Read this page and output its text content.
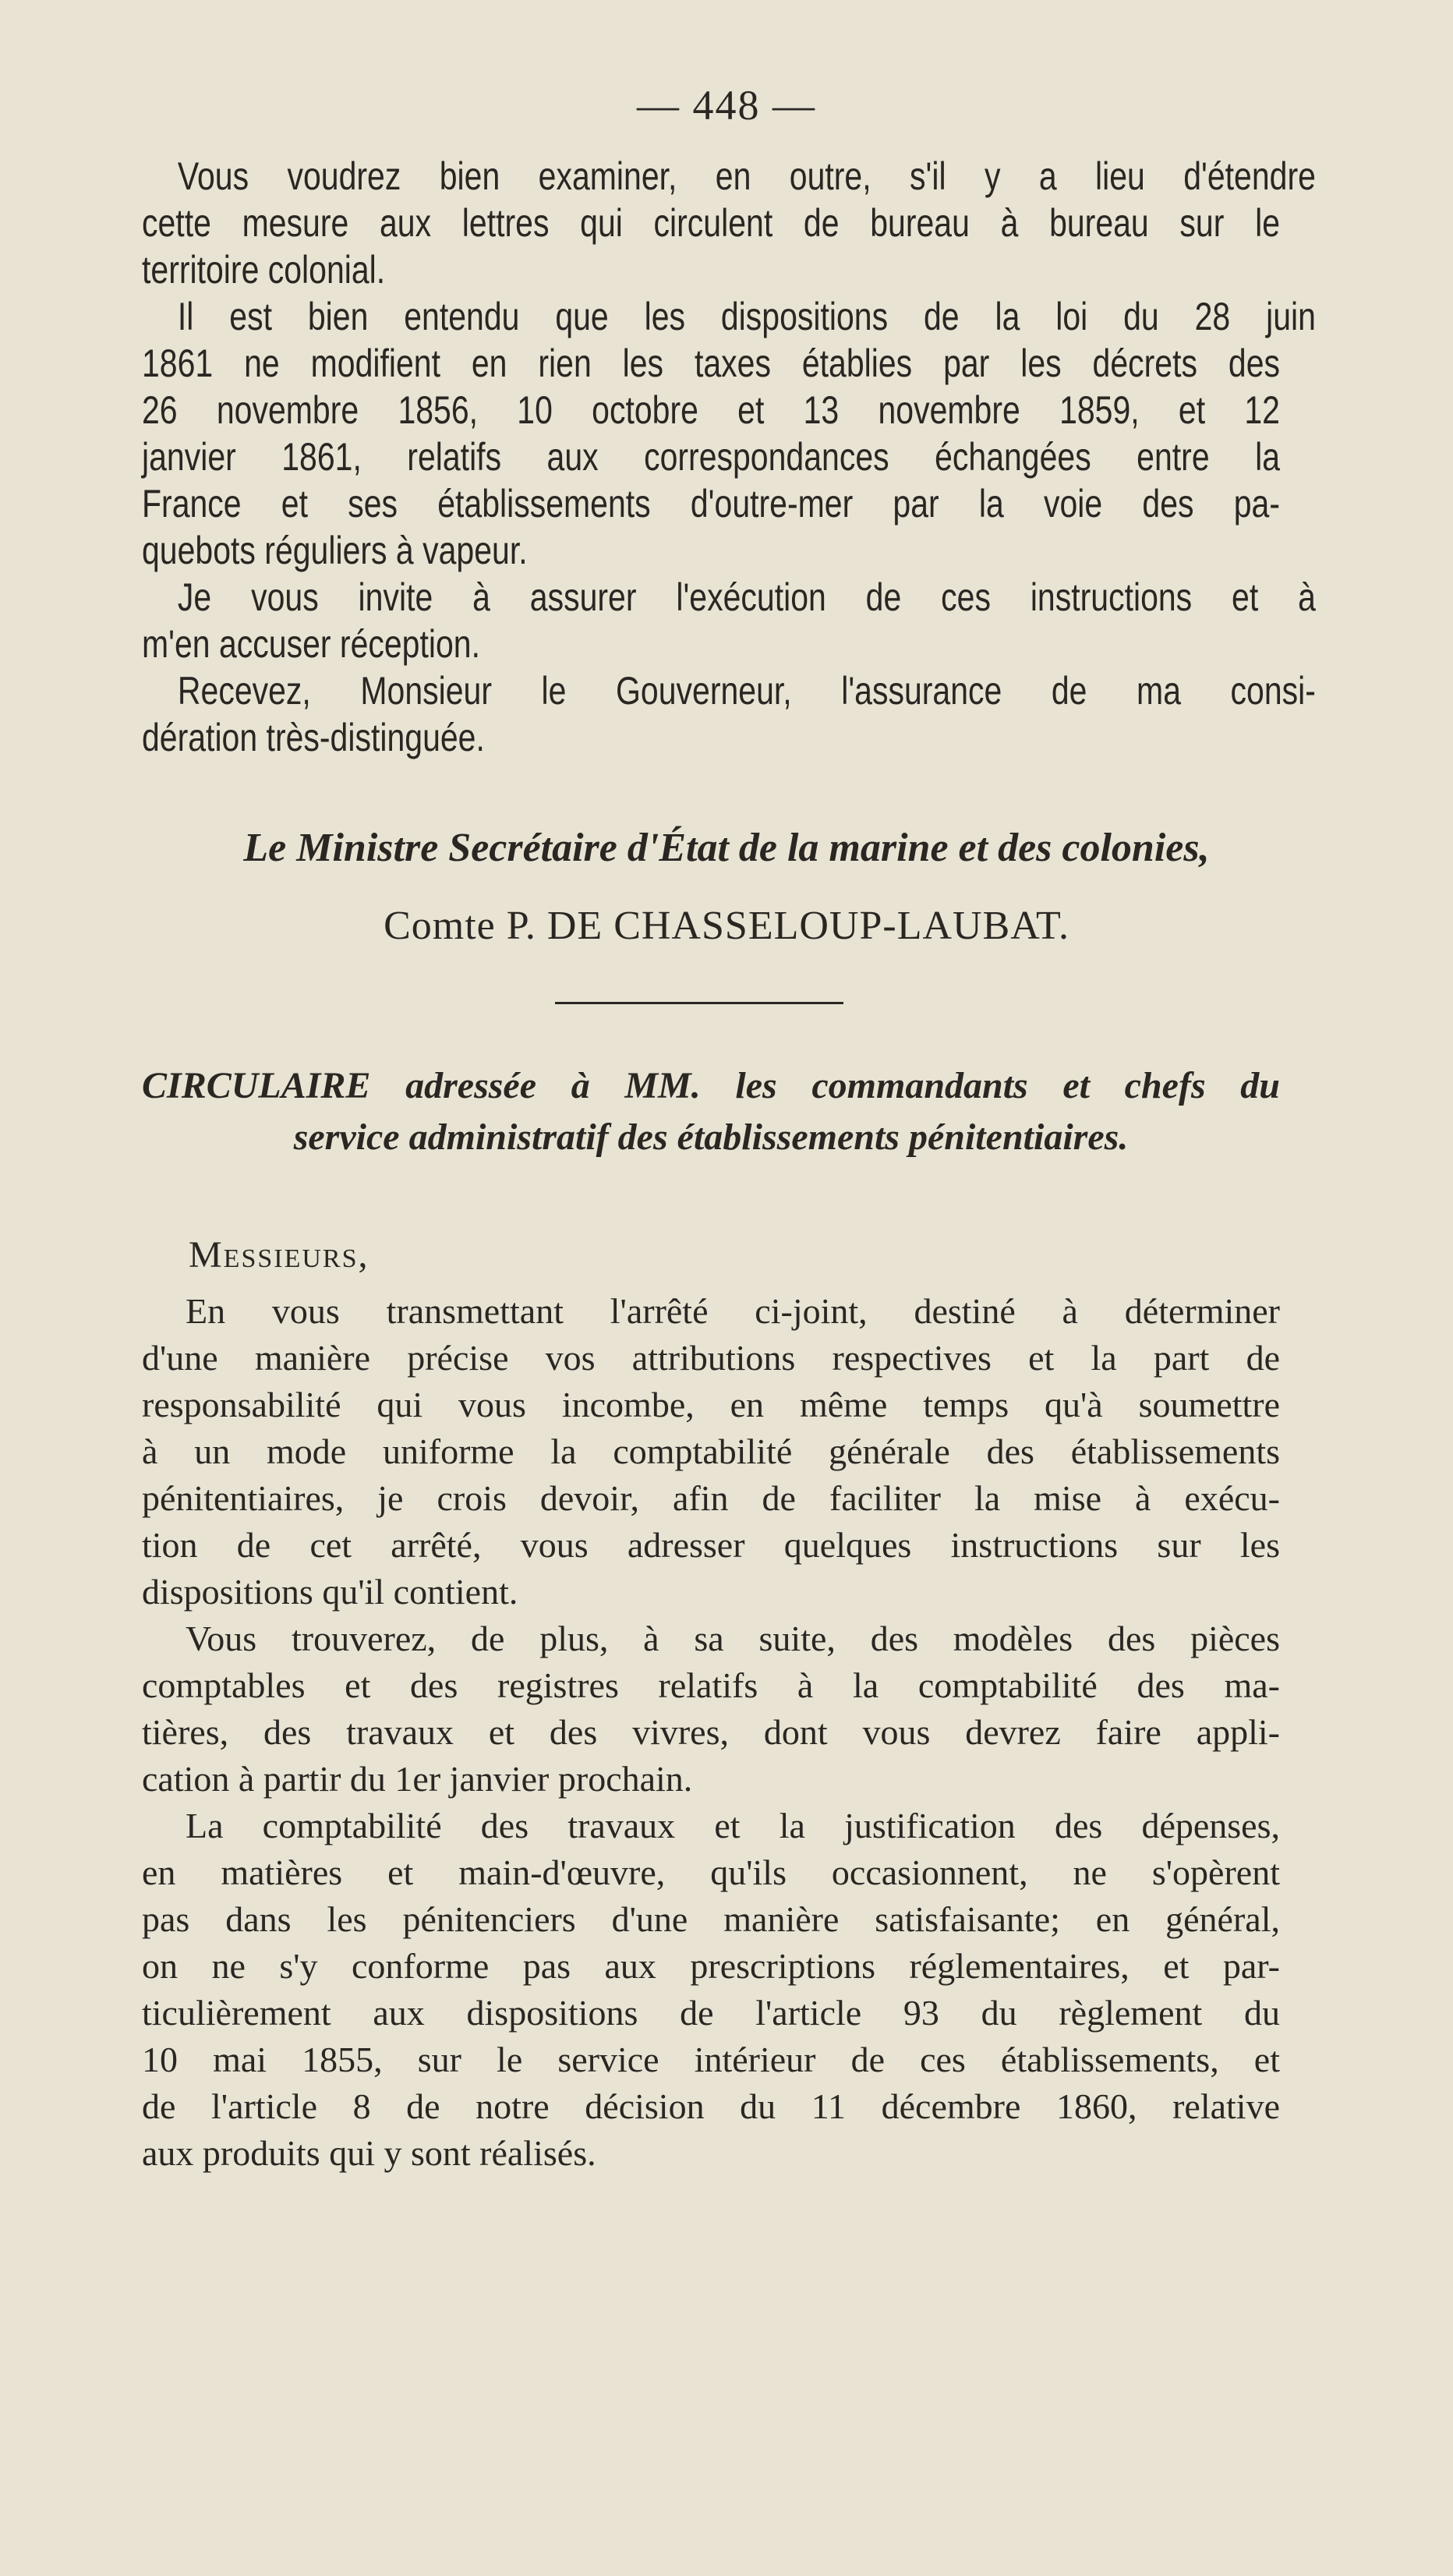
— 448 —
Vous voudrez bien examiner, en outre, s'il y a lieu d'étendre
cette mesure aux lettres qui circulent de bureau à bureau sur le
territoire colonial.
Il est bien entendu que les dispositions de la loi du 28 juin
1861 ne modifient en rien les taxes établies par les décrets des
26 novembre 1856, 10 octobre et 13 novembre 1859, et 12
janvier 1861, relatifs aux correspondances échangées entre la
France et ses établissements d'outre-mer par la voie des pa-
quebots réguliers à vapeur.
Je vous invite à assurer l'exécution de ces instructions et à
m'en accuser réception.
Recevez, Monsieur le Gouverneur, l'assurance de ma consi-
dération très-distinguée.
Le Ministre Secrétaire d'État de la marine et des colonies,
Comte P. DE CHASSELOUP-LAUBAT.
CIRCULAIRE adressée à MM. les commandants et chefs du
service administratif des établissements pénitentiaires.
Messieurs,
En vous transmettant l'arrêté ci-joint, destiné à déterminer
d'une manière précise vos attributions respectives et la part de
responsabilité qui vous incombe, en même temps qu'à soumettre
à un mode uniforme la comptabilité générale des établissements
pénitentiaires, je crois devoir, afin de faciliter la mise à exécu-
tion de cet arrêté, vous adresser quelques instructions sur les
dispositions qu'il contient.
Vous trouverez, de plus, à sa suite, des modèles des pièces
comptables et des registres relatifs à la comptabilité des ma-
tières, des travaux et des vivres, dont vous devrez faire appli-
cation à partir du 1er janvier prochain.
La comptabilité des travaux et la justification des dépenses,
en matières et main-d'œuvre, qu'ils occasionnent, ne s'opèrent
pas dans les pénitenciers d'une manière satisfaisante; en général,
on ne s'y conforme pas aux prescriptions réglementaires, et par-
ticulièrement aux dispositions de l'article 93 du règlement du
10 mai 1855, sur le service intérieur de ces établissements, et
de l'article 8 de notre décision du 11 décembre 1860, relative
aux produits qui y sont réalisés.
